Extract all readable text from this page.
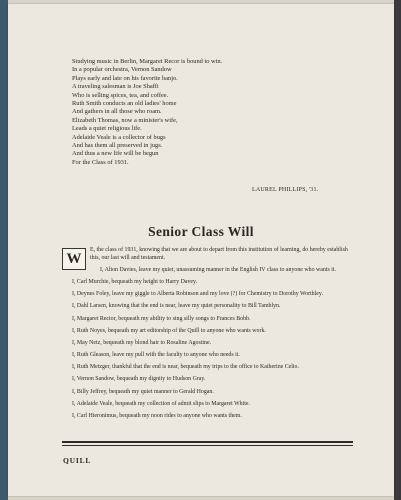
Studying music in Berlin, Margaret Recor is bound to win.
In a popular orchestra, Vernon Sandow
Plays early and late on his favorite banjo.
A traveling salesman is Joe Shaffi
Who is selling spices, tea, and coffee.
Ruth Smith conducts an old ladies' home
And gathers in all those who roam.
Elizabeth Thomas, now a minister's wife,
Leads a quiet religious life.
Adelaide Veale is a collector of bugs
And has them all preserved in jugs.
And thus a new life will be begun
For the Class of 1931.
LAUREL PHILLIPS, '31.
Senior Class Will

W
E, the class of 1931, knowing that we are about to depart from this institution of learning, do hereby establish this, our last will and testament.

I, Alton Davies, leave my quiet, unassuming manner in the English IV class to anyone who wants it.

I, Carl Murchie, bequeath my height to Harry Davey.

I, Deynes Foley, leave my giggle to Alberta Robinson and my love (?) for Chemistry to Dorothy Worthley.

I, Dahl Larsen, knowing that the end is near, leave my quiet personality to Bill Tamblyn.

I, Margaret Rector, bequeath my ability to sing silly songs to Frances Bobb.

I, Ruth Noyes, bequeath my art editorship of the Quill to anyone who wants work.

I, May Netz, bequeath my blond hair to Rosaline Agostine.

I, Ruth Gleason, leave my pull with the faculty to anyone who needs it.

I, Ruth Metzger, thankful that the end is near, bequeath my trips to the office to Katherine Celio.

I, Vernon Sandow, bequeath my dignity to Hudson Gray.

I, Billy Jeffrey, bequeath my quiet manner to Gerald Hogan.

I, Adelaide Veale, bequeath my collection of admit slips to Margaret White.

I, Carl Hieronimus, bequeath my noon rides to anyone who wants them.

QUILL
